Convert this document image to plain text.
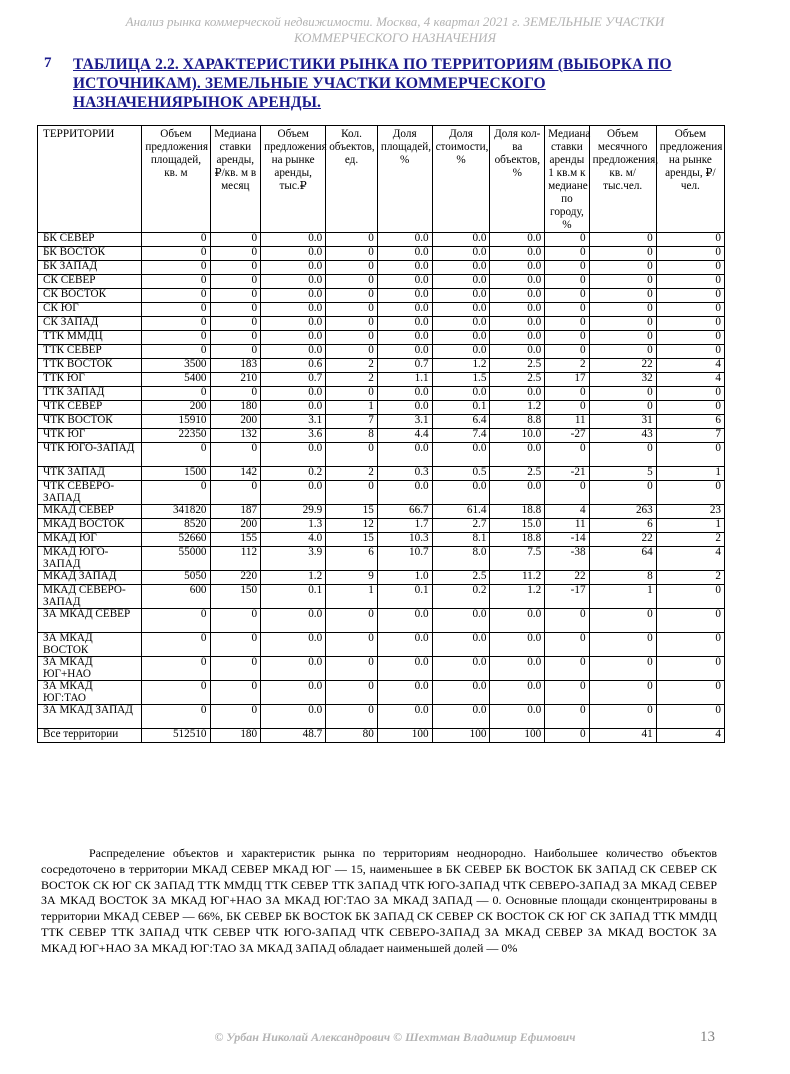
Анализ рынка коммерческой недвижимости. Москва, 4 квартал 2021 г. ЗЕМЕЛЬНЫЕ УЧАСТКИ
КОММЕРЧЕСКОГО НАЗНАЧЕНИЯ
7 ТАБЛИЦА 2.2. ХАРАКТЕРИСТИКИ РЫНКА ПО ТЕРРИТОРИЯМ (ВЫБОРКА ПО ИСТОЧНИКАМ). ЗЕМЕЛЬНЫЕ УЧАСТКИ КОММЕРЧЕСКОГО НАЗНАЧЕНИЯРЫНОК АРЕНДЫ.
ТЕРРИТОРИИ	Объем предложения площадей, кв. м	Медиана ставки аренды, ₽/кв. м в месяц	Объем предложения на рынке аренды, тыс.₽	Кол. объектов, ед.	Доля площадей, %	Доля стоимости, %	Доля кол-ва объектов, %	Медиана ставки аренды 1 кв.м к медиане по городу, %	Объем месячного предложения, кв. м/ тыс.чел.	Объем предложения на рынке аренды, ₽/чел.
БК СЕВЕР	0	0	0.0	0	0.0	0.0	0.0	0	0	0
БК ВОСТОК	0	0	0.0	0	0.0	0.0	0.0	0	0	0
БК ЗАПАД	0	0	0.0	0	0.0	0.0	0.0	0	0	0
СК СЕВЕР	0	0	0.0	0	0.0	0.0	0.0	0	0	0
СК ВОСТОК	0	0	0.0	0	0.0	0.0	0.0	0	0	0
СК ЮГ	0	0	0.0	0	0.0	0.0	0.0	0	0	0
СК ЗАПАД	0	0	0.0	0	0.0	0.0	0.0	0	0	0
ТТК ММДЦ	0	0	0.0	0	0.0	0.0	0.0	0	0	0
ТТК СЕВЕР	0	0	0.0	0	0.0	0.0	0.0	0	0	0
ТТК ВОСТОК	3500	183	0.6	2	0.7	1.2	2.5	2	22	4
ТТК ЮГ	5400	210	0.7	2	1.1	1.5	2.5	17	32	4
ТТК ЗАПАД	0	0	0.0	0	0.0	0.0	0.0	0	0	0
ЧТК СЕВЕР	200	180	0.0	1	0.0	0.1	1.2	0	0	0
ЧТК ВОСТОК	15910	200	3.1	7	3.1	6.4	8.8	11	31	6
ЧТК ЮГ	22350	132	3.6	8	4.4	7.4	10.0	-27	43	7
ЧТК ЮГО-ЗАПАД	0	0	0.0	0	0.0	0.0	0.0	0	0	0
ЧТК ЗАПАД	1500	142	0.2	2	0.3	0.5	2.5	-21	5	1
ЧТК СЕВЕРО-ЗАПАД	0	0	0.0	0	0.0	0.0	0.0	0	0	0
МКАД СЕВЕР	341820	187	29.9	15	66.7	61.4	18.8	4	263	23
МКАД ВОСТОК	8520	200	1.3	12	1.7	2.7	15.0	11	6	1
МКАД ЮГ	52660	155	4.0	15	10.3	8.1	18.8	-14	22	2
МКАД ЮГО-ЗАПАД	55000	112	3.9	6	10.7	8.0	7.5	-38	64	4
МКАД ЗАПАД	5050	220	1.2	9	1.0	2.5	11.2	22	8	2
МКАД СЕВЕРО-ЗАПАД	600	150	0.1	1	0.1	0.2	1.2	-17	1	0
ЗА МКАД СЕВЕР	0	0	0.0	0	0.0	0.0	0.0	0	0	0
ЗА МКАД ВОСТОК	0	0	0.0	0	0.0	0.0	0.0	0	0	0
ЗА МКАД ЮГ+НАО	0	0	0.0	0	0.0	0.0	0.0	0	0	0
ЗА МКАД ЮГ:ТАО	0	0	0.0	0	0.0	0.0	0.0	0	0	0
ЗА МКАД ЗАПАД	0	0	0.0	0	0.0	0.0	0.0	0	0	0
Все территории	512510	180	48.7	80	100	100	100	0	41	4
Распределение объектов и характеристик рынка по территориям неоднородно. Наибольшее количество объектов сосредоточено в территории МКАД СЕВЕР МКАД ЮГ — 15, наименьшее в БК СЕВЕР БК ВОСТОК БК ЗАПАД СК СЕВЕР СК ВОСТОК СК ЮГ СК ЗАПАД ТТК ММДЦ ТТК СЕВЕР ТТК ЗАПАД ЧТК ЮГО-ЗАПАД ЧТК СЕВЕРО-ЗАПАД ЗА МКАД СЕВЕР ЗА МКАД ВОСТОК ЗА МКАД ЮГ+НАО ЗА МКАД ЮГ:ТАО ЗА МКАД ЗАПАД — 0. Основные площади сконцентрированы в территории МКАД СЕВЕР — 66%, БК СЕВЕР БК ВОСТОК БК ЗАПАД СК СЕВЕР СК ВОСТОК СК ЮГ СК ЗАПАД ТТК ММДЦ ТТК СЕВЕР ТТК ЗАПАД ЧТК СЕВЕР ЧТК ЮГО-ЗАПАД ЧТК СЕВЕРО-ЗАПАД ЗА МКАД СЕВЕР ЗА МКАД ВОСТОК ЗА МКАД ЮГ+НАО ЗА МКАД ЮГ:ТАО ЗА МКАД ЗАПАД обладает наименьшей долей — 0%
© Урбан Николай Александрович © Шехтман Владимир Ефимович	13
